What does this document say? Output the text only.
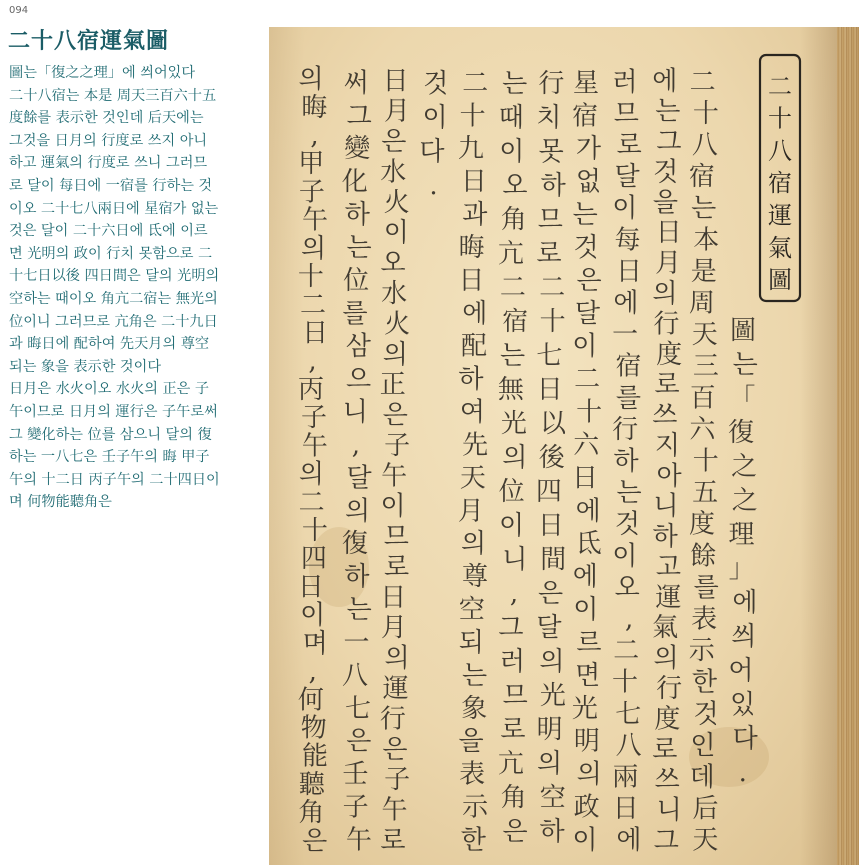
094
二十八宿運氣圖
圖는「復之之理」에 씌어있다
二十八宿는 本是 周天三百六十五
度餘를 表示한 것인데 后天에는
그것을 日月의 行度로 쓰지 아니
하고 運氣의 行度로 쓰니 그러므
로 달이 每日에 一宿를 行하는 것
이오 二十七八兩日에 星宿가 없는
것은 달이 二十六日에 氐에 이르
면 光明의 政이 行치 못함으로 二
十七日以後 四日間은 달의 光明의
空하는 때이오 角亢二宿는 無光의
位이니 그러므로 亢角은 二十九日
과 晦日에 配하여 先天月의 尊空
되는 象을 表示한 것이다
日月은 水火이오 水火의 正은 子
午이므로 日月의 運行은 子午로써
그 變化하는 位를 삼으니 달의 復
하는 一八七은 壬子午의 晦 甲子
午의 十二日 丙子午의 二十四日이
며 何物能聽角은
二
十
八
宿
運
氣
圖
圖
는
「
復
之
之
理
」
에
씌
어
있
다
.
二
十
八
宿
는
本
是
周
天
三
百
六
十
五
度
餘
를
表
示
한
것
인
데
后
天
에
는
그
것
을
日
月
의
行
度
로
쓰
지
아
니
하
고
運
氣
의
行
度
로
쓰
니
그
러
므
로
달
이
每
日
에
一
宿
를
行
하
는
것
이
오
,
二
十
七
八
兩
日
에
星
宿
가
없
는
것
은
달
이
二
十
六
日
에
氐
에
이
르
면
光
明
의
政
이
行
치
못
하
므
로
二
十
七
日
以
後
四
日
間
은
달
의
光
明
의
空
하
는
때
이
오
角
亢
二
宿
는
無
光
의
位
이
니
,
그
러
므
로
亢
角
은
二
十
九
日
과
晦
日
에
配
하
여
先
天
月
의
尊
空
되
는
象
을
表
示
한
것
이
다
.
日
月
은
水
火
이
오
水
火
의
正
은
子
午
이
므
로
日
月
의
運
行
은
子
午
로
써
그
變
化
하
는
位
를
삼
으
니
,
달
의
復
하
는
一
八
七
은
壬
子
午
의
晦
,
甲
子
午
의
十
二
日
,
丙
子
午
의
二
十
四
日
이
며
,
何
物
能
聽
角
은
